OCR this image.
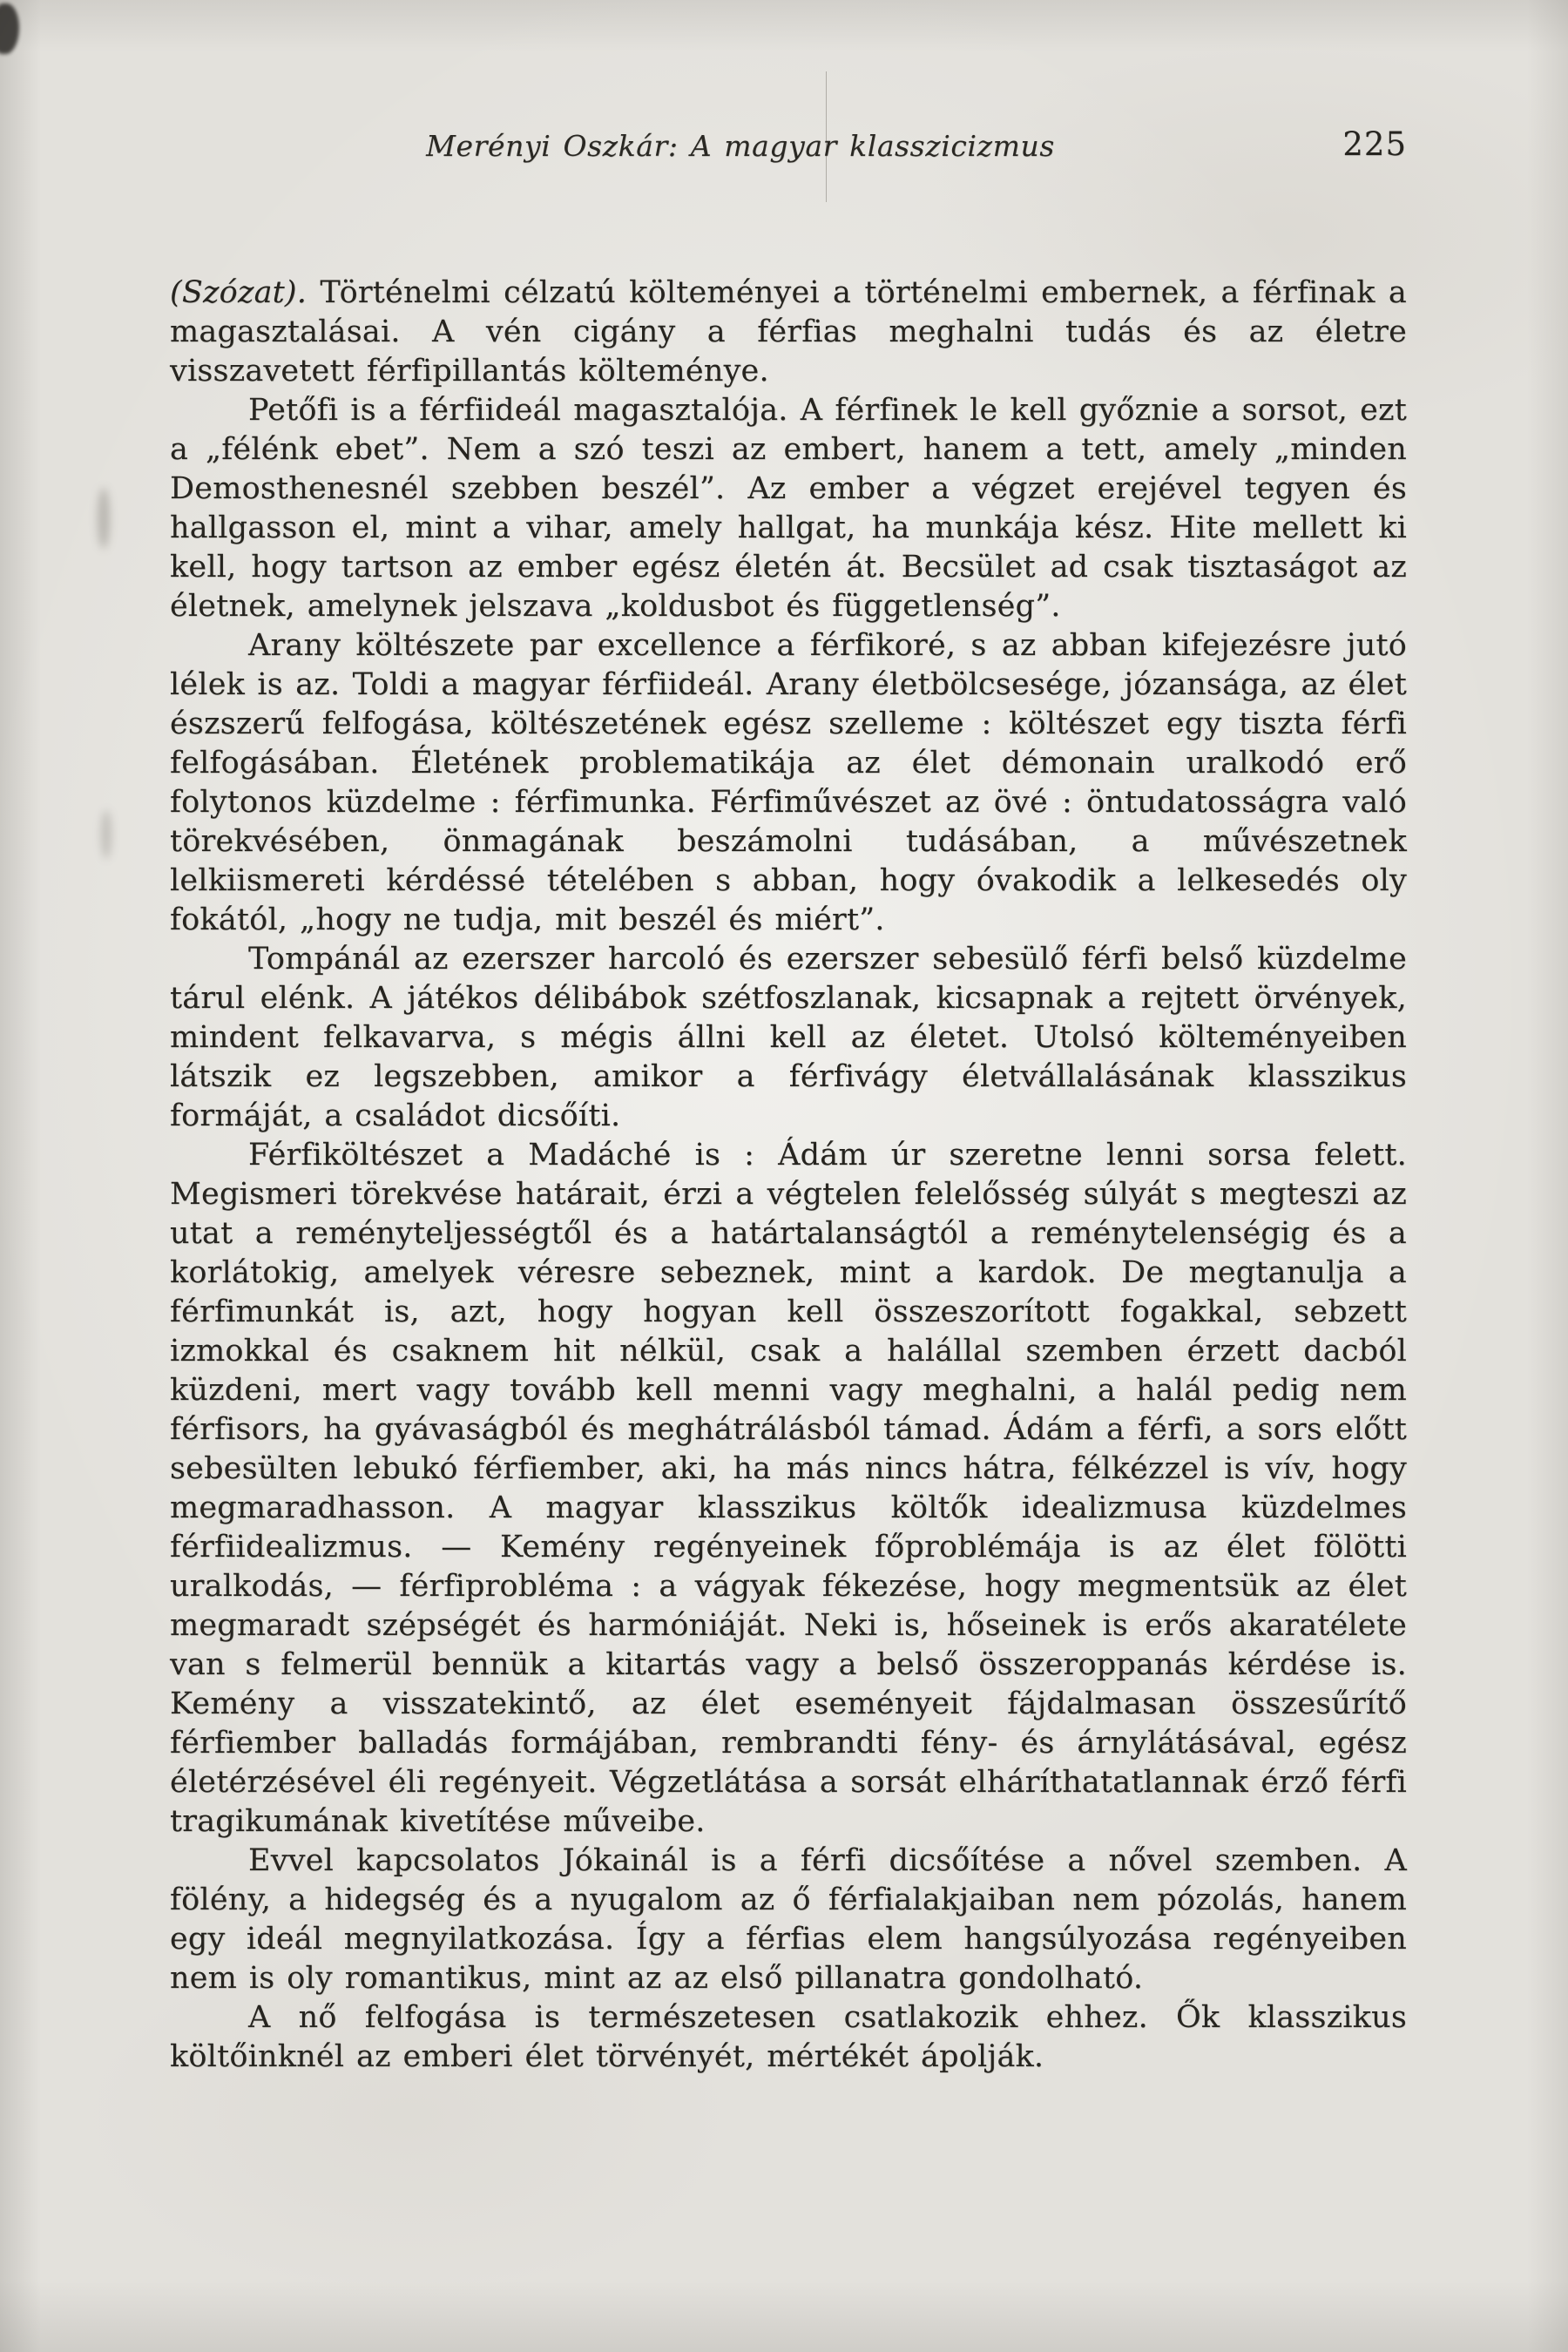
Merényi Oszkár: A magyar klasszicizmus	225

(Szózat). Történelmi célzatú költeményei a történelmi embernek, a férfinak a magasztalásai. A vén cigány a férfias meghalni tudás és az életre visszavetett férfipillantás költeménye.

Petőfi is a férfiideál magasztalója. A férfinek le kell győznie a sorsot, ezt a „félénk ebet”. Nem a szó teszi az embert, hanem a tett, amely „minden Demosthenesnél szebben beszél”. Az ember a végzet erejével tegyen és hallgasson el, mint a vihar, amely hallgat, ha munkája kész. Hite mellett ki kell, hogy tartson az ember egész életén át. Becsület ad csak tisztaságot az életnek, amelynek jelszava „koldusbot és függetlenség”.

Arany költészete par excellence a férfikoré, s az abban kifejezésre jutó lélek is az. Toldi a magyar férfiideál. Arany életbölcsesége, józansága, az élet észszerű felfogása, költészetének egész szelleme : költészet egy tiszta férfi felfogásában. Életének problematikája az élet démonain uralkodó erő folytonos küzdelme : férfimunka. Férfiművészet az övé : öntudatosságra való törekvésében, önmagának beszámolni tudásában, a művészetnek lelkiismereti kérdéssé tételében s abban, hogy óvakodik a lelkesedés oly fokától, „hogy ne tudja, mit beszél és miért”.

Tompánál az ezerszer harcoló és ezerszer sebesülő férfi belső küzdelme tárul elénk. A játékos délibábok szétfoszlanak, kicsapnak a rejtett örvények, mindent felkavarva, s mégis állni kell az életet. Utolsó költeményeiben látszik ez legszebben, amikor a férfivágy életvállalásának klasszikus formáját, a családot dicsőíti.

Férfiköltészet a Madáché is : Ádám úr szeretne lenni sorsa felett. Megismeri törekvése határait, érzi a végtelen felelősség súlyát s megteszi az utat a reményteljességtől és a határtalanságtól a reménytelenségig és a korlátokig, amelyek véresre sebeznek, mint a kardok. De megtanulja a férfimunkát is, azt, hogy hogyan kell összeszorított fogakkal, sebzett izmokkal és csaknem hit nélkül, csak a halállal szemben érzett dacból küzdeni, mert vagy tovább kell menni vagy meghalni, a halál pedig nem férfisors, ha gyávaságból és meghátrálásból támad. Ádám a férfi, a sors előtt sebesülten lebukó férfiember, aki, ha más nincs hátra, félkézzel is vív, hogy megmaradhasson. A magyar klasszikus költők idealizmusa küzdelmes férfiidealizmus. — Kemény regényeinek főproblémája is az élet fölötti uralkodás, — férfiprobléma : a vágyak fékezése, hogy megmentsük az élet megmaradt szépségét és harmóniáját. Neki is, hőseinek is erős akaratélete van s felmerül bennük a kitartás vagy a belső összeroppanás kérdése is. Kemény a visszatekintő, az élet eseményeit fájdalmasan összesűrítő férfiember balladás formájában, rembrandti fény- és árnylátásával, egész életérzésével éli regényeit. Végzetlátása a sorsát elháríthatatlannak érző férfi tragikumának kivetítése műveibe.

Evvel kapcsolatos Jókainál is a férfi dicsőítése a nővel szemben. A fölény, a hidegség és a nyugalom az ő férfialakjaiban nem pózolás, hanem egy ideál megnyilatkozása. Így a férfias elem hangsúlyozása regényeiben nem is oly romantikus, mint az az első pillanatra gondolható.

A nő felfogása is természetesen csatlakozik ehhez. Ők klasszikus költőinknél az emberi élet törvényét, mértékét ápolják.
